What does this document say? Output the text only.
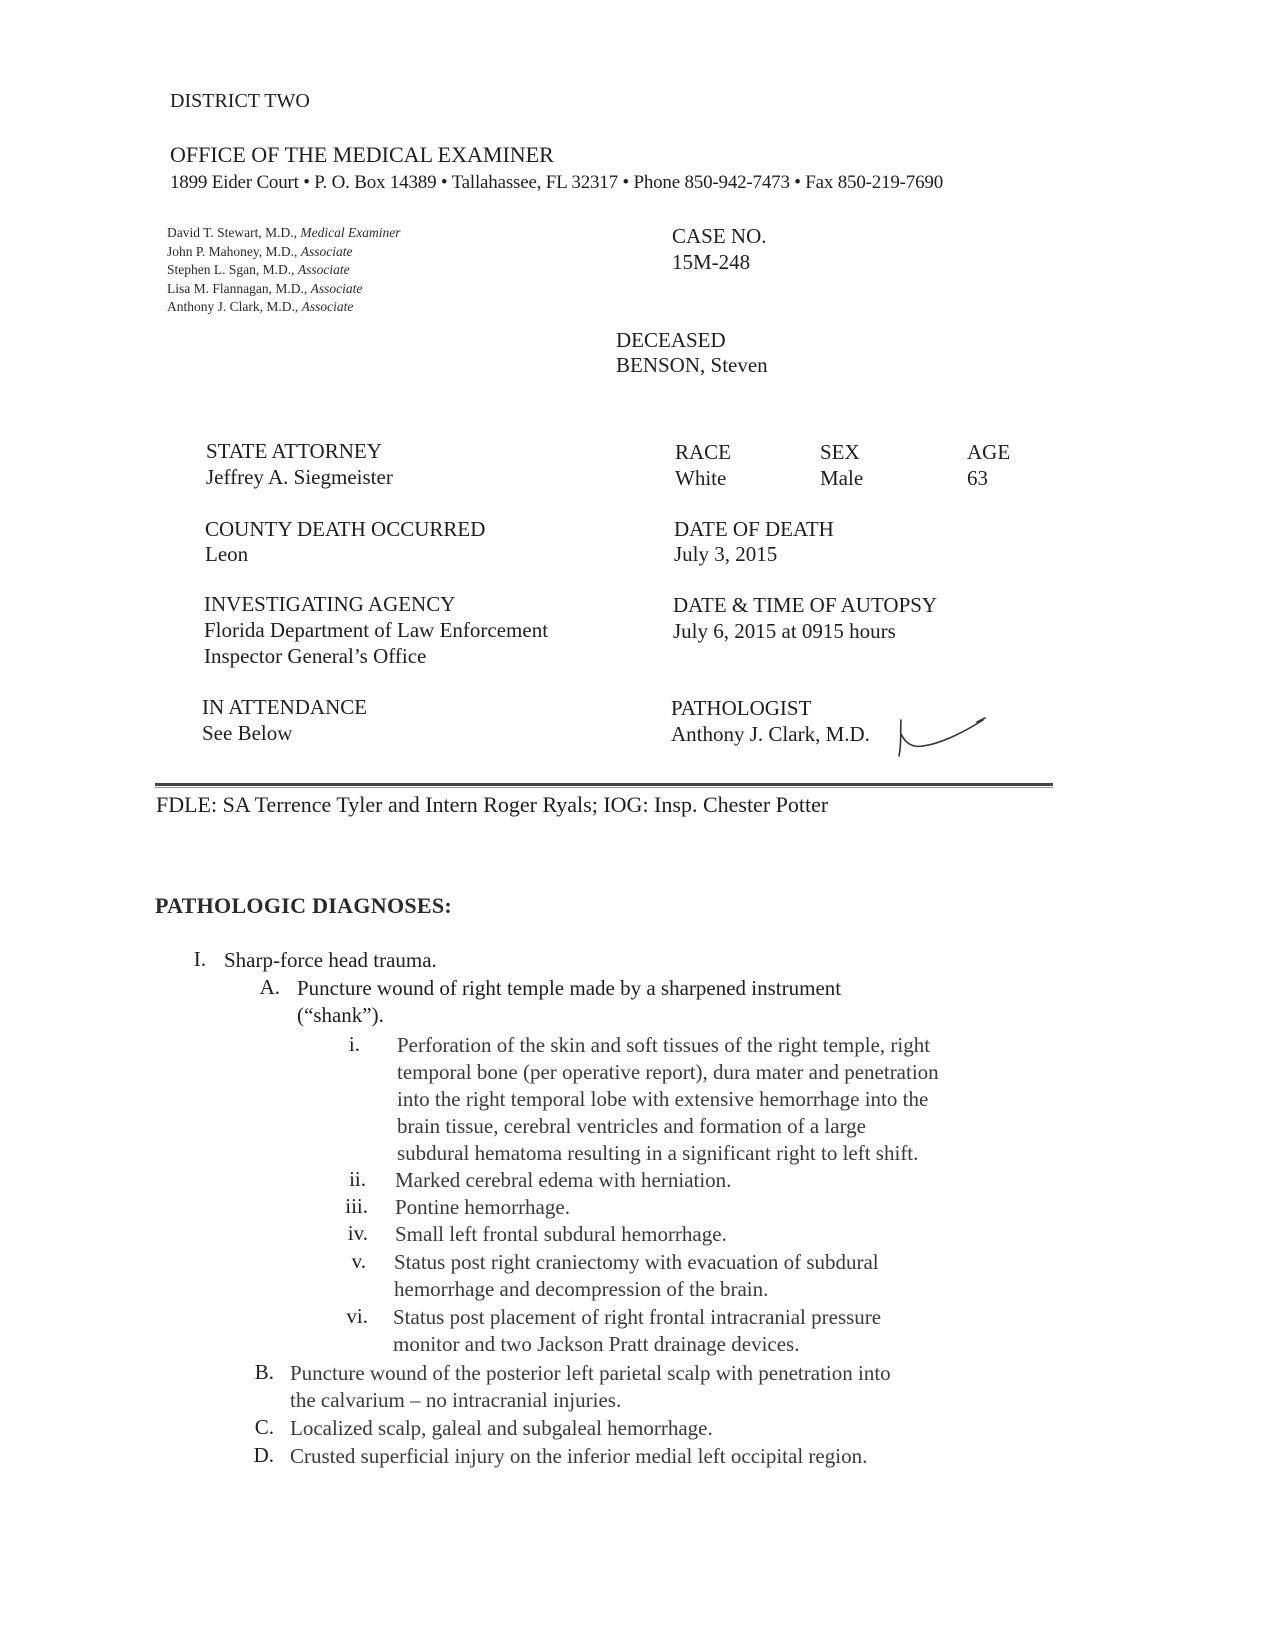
DISTRICT TWO
OFFICE OF THE MEDICAL EXAMINER
1899 Eider Court • P. O. Box 14389 • Tallahassee, FL 32317 • Phone 850-942-7473 • Fax 850-219-7690
David T. Stewart, M.D., Medical Examiner
John P. Mahoney, M.D., Associate
Stephen L. Sgan, M.D., Associate
Lisa M. Flannagan, M.D., Associate
Anthony J. Clark, M.D., Associate
CASE NO.
15M-248
DECEASED
BENSON, Steven
STATE ATTORNEY
Jeffrey A. Siegmeister
RACE
White
SEX
Male
AGE
63
COUNTY DEATH OCCURRED
Leon
DATE OF DEATH
July 3, 2015
INVESTIGATING AGENCY
Florida Department of Law Enforcement
Inspector General’s Office
DATE & TIME OF AUTOPSY
July 6, 2015 at 0915 hours
IN ATTENDANCE
See Below
PATHOLOGIST
Anthony J. Clark, M.D.
FDLE: SA Terrence Tyler and Intern Roger Ryals; IOG: Insp. Chester Potter
PATHOLOGIC DIAGNOSES:
I. Sharp-force head trauma.
A. Puncture wound of right temple made by a sharpened instrument
(“shank”).
i. Perforation of the skin and soft tissues of the right temple, right
temporal bone (per operative report), dura mater and penetration
into the right temporal lobe with extensive hemorrhage into the
brain tissue, cerebral ventricles and formation of a large
subdural hematoma resulting in a significant right to left shift.
ii. Marked cerebral edema with herniation.
iii. Pontine hemorrhage.
iv. Small left frontal subdural hemorrhage.
v. Status post right craniectomy with evacuation of subdural
hemorrhage and decompression of the brain.
vi. Status post placement of right frontal intracranial pressure
monitor and two Jackson Pratt drainage devices.
B. Puncture wound of the posterior left parietal scalp with penetration into
the calvarium – no intracranial injuries.
C. Localized scalp, galeal and subgaleal hemorrhage.
D. Crusted superficial injury on the inferior medial left occipital region.
